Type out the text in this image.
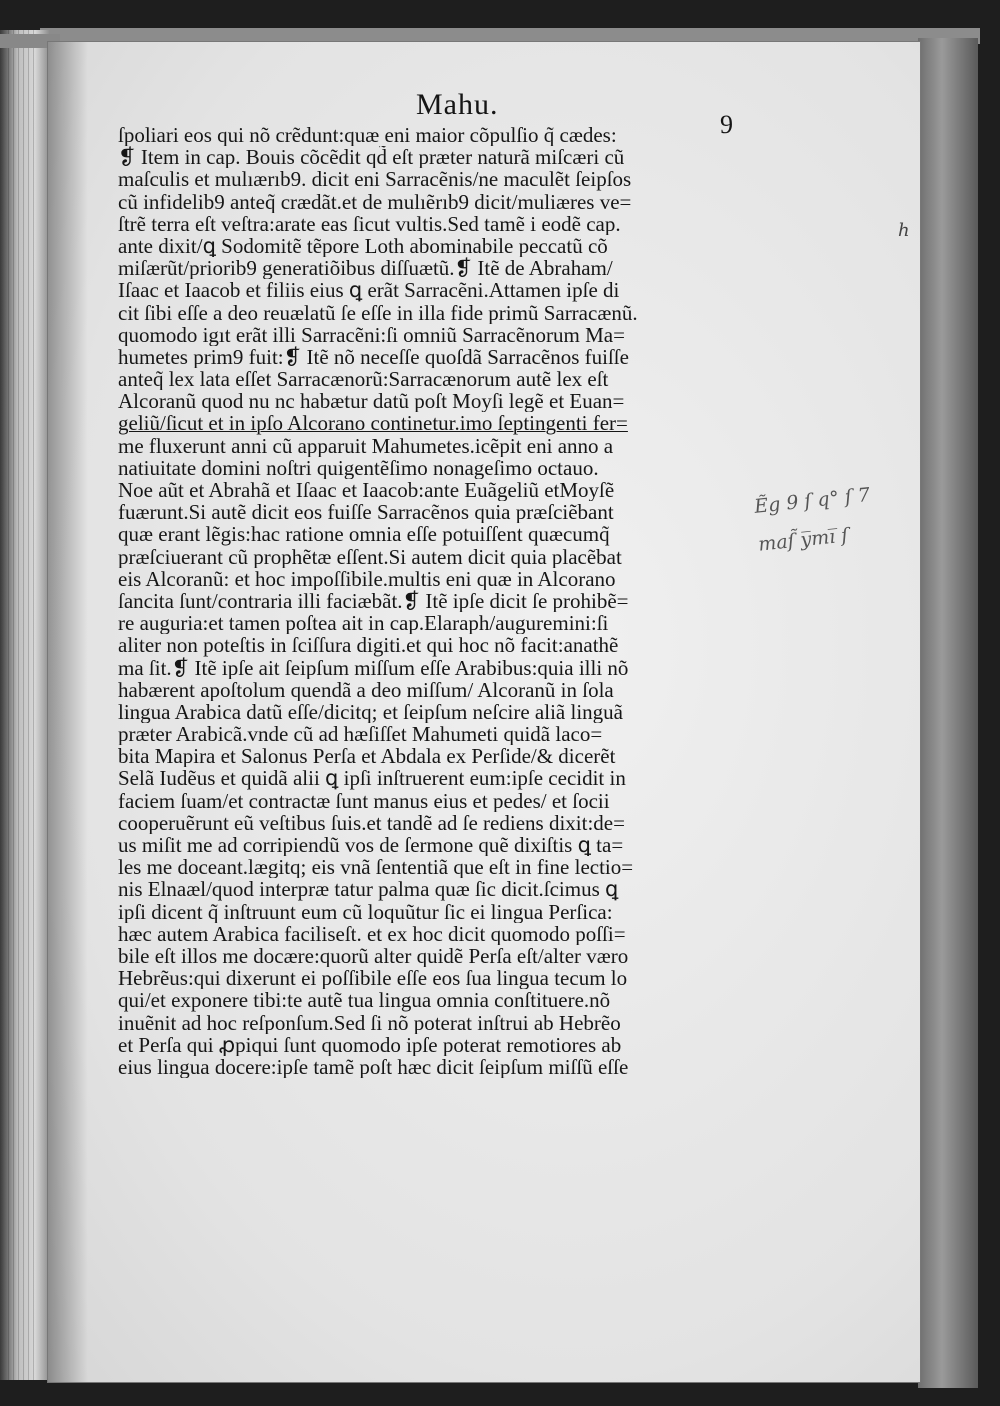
Mahu.
9
ſpoliari eos qui nõ crẽdunt:quæ eni maior cõpulſio q̃ cædes:
❡ Item in cap. Bouis cõcẽdit qd̃ eſt præter naturã miſcæri cũ
maſculis et mulıærıb9. dicit eni Sarracẽnis/ne maculẽt ſeipſos
cũ infidelib9 anteq̃ crædãt.et de mulıẽrıb9 dicit/muliæres ve=
ſtrẽ terra eſt veſtra:arate eas ſicut vultis.Sed tamẽ i eodẽ cap.
ante dixit/ꝗ Sodomitẽ tẽpore Loth abominabile peccatũ cõ
miſærũt/priorib9 generatiõibus diſſuætũ.❡ Itẽ de Abraham/
Iſaac et Iaacob et filiis eius ꝗ erãt Sarracẽni.Attamen ipſe di
cit ſibi eſſe a deo reuælatũ ſe eſſe in illa fide primũ Sarracænũ.
quomodo igıt erãt illi Sarracẽni:ſi omniũ Sarracẽnorum Ma=
humetes prim9 fuit:❡ Itẽ nõ neceſſe quoſdã Sarracẽnos fuiſſe
anteq̃ lex lata eſſet Sarracænorũ:Sarracænorum autẽ lex eſt
Alcoranũ quod nu nc habætur datũ poſt Moyſi legẽ et Euan=
geliũ/ſicut et in ipſo Alcorano continetur.imo ſeptingenti fer=
me fluxerunt anni cũ apparuit Mahumetes.icẽpit eni anno a
natiuitate domini noſtri quigentẽſimo nonageſimo octauo.
Noe aũt et Abrahã et Iſaac et Iaacob:ante Euãgeliũ etMoyſẽ
fuærunt.Si autẽ dicit eos fuiſſe Sarracẽnos quia præſciẽbant
quæ erant lẽgis:hac ratione omnia eſſe potuiſſent quæcumq̃
præſciuerant cũ prophẽtæ eſſent.Si autem dicit quia placẽbat
eis Alcoranũ: et hoc impoſſibile.multis eni quæ in Alcorano
ſancita ſunt/contraria illi faciæbãt.❡ Itẽ ipſe dicit ſe prohibẽ=
re auguria:et tamen poſtea ait in cap.Elaraph/auguremini:ſi
aliter non poteſtis in ſciſſura digiti.et qui hoc nõ facit:anathẽ
ma ſit.❡ Itẽ ipſe ait ſeipſum miſſum eſſe Arabibus:quia illi nõ
habærent apoſtolum quendã a deo miſſum/ Alcoranũ in ſola
lingua Arabica datũ eſſe/dicitq; et ſeipſum neſcire aliã linguã
præter Arabicã.vnde cũ ad hæſiſſet Mahumeti quidã laco=
bita Mapira et Salonus Perſa et Abdala ex Perſide/& dicerẽt
Selã Iudẽus et quidã alii ꝗ ipſi inſtruerent eum:ipſe cecidit in
faciem ſuam/et contractæ ſunt manus eius et pedes/ et ſocii
cooperuẽrunt eũ veſtibus ſuis.et tandẽ ad ſe rediens dixit:de=
us miſit me ad corripiendũ vos de ſermone quẽ dixiſtis ꝗ ta=
les me doceant.lægitq; eis vnã ſententiã que eſt in fine lectio=
nis Elnaæl/quod interpræ tatur palma quæ ſic dicit.ſcimus ꝗ
ipſi dicent q̃ inſtruunt eum cũ loquũtur ſic ei lingua Perſica:
hæc autem Arabica faciliseſt. et ex hoc dicit quomodo poſſi=
bile eſt illos me docære:quorũ alter quidẽ Perſa eſt/alter væro
Hebrẽus:qui dixerunt ei poſſibile eſſe eos ſua lingua tecum lo
qui/et exponere tibi:te autẽ tua lingua omnia conſtituere.nõ
inuẽnit ad hoc reſponſum.Sed ſi nõ poterat inſtrui ab Hebrẽo
et Perſa qui ꝓpiqui ſunt quomodo ipſe poterat remotiores ab
eius lingua docere:ipſe tamẽ poſt hæc dicit ſeipſum miſſũ eſſe
h
Ẽg 9 ſ q° ſ 7
maſ̃ y̅mi̅ ſ
